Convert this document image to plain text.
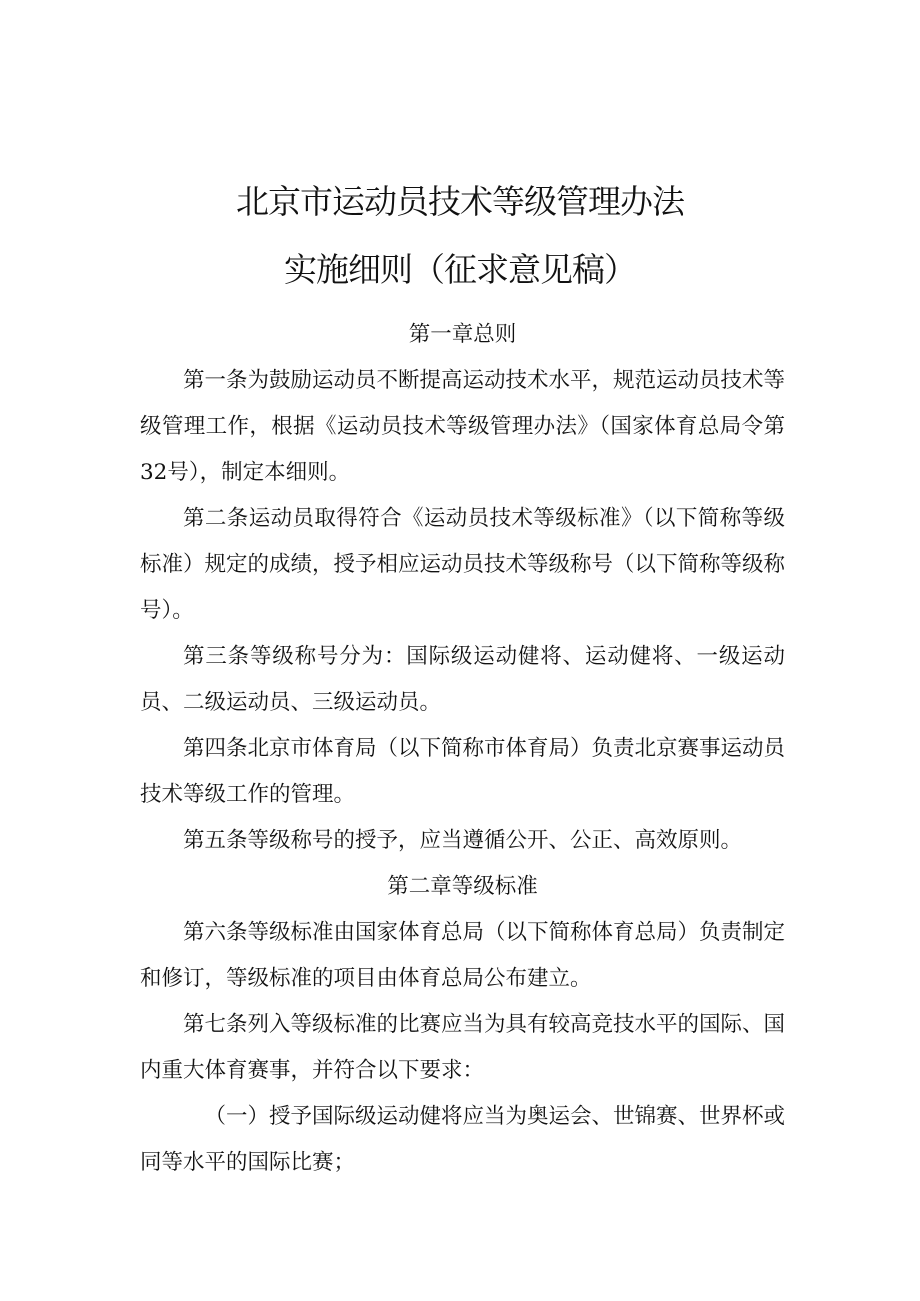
北京市运动员技术等级管理办法
实施细则（征求意见稿）
第一章总则

第一条为鼓励运动员不断提高运动技术水平，规范运动员技术等级管理工作，根据《运动员技术等级管理办法》（国家体育总局令第32号），制定本细则。

第二条运动员取得符合《运动员技术等级标准》（以下简称等级标准）规定的成绩，授予相应运动员技术等级称号（以下简称等级称号）。

第三条等级称号分为：国际级运动健将、运动健将、一级运动员、二级运动员、三级运动员。

第四条北京市体育局（以下简称市体育局）负责北京赛事运动员技术等级工作的管理。

第五条等级称号的授予，应当遵循公开、公正、高效原则。

第二章等级标准

第六条等级标准由国家体育总局（以下简称体育总局）负责制定和修订，等级标准的项目由体育总局公布建立。

第七条列入等级标准的比赛应当为具有较高竞技水平的国际、国内重大体育赛事，并符合以下要求：

（一）授予国际级运动健将应当为奥运会、世锦赛、世界杯或同等水平的国际比赛；
